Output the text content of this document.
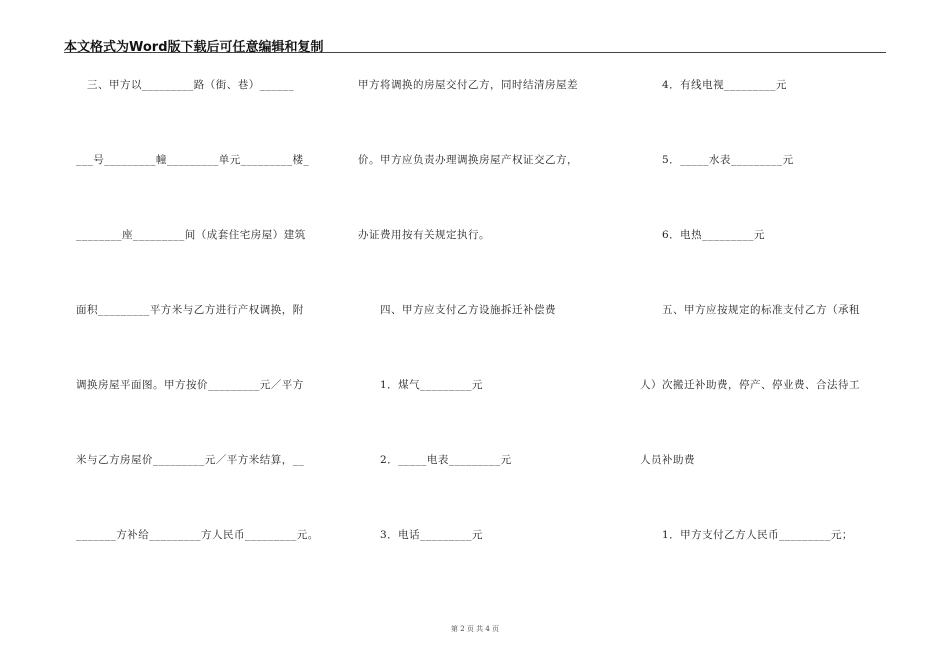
本文格式为Word版下载后可任意编辑和复制
　三、甲方以_________路（街、巷）______
___号_________幢_________单元_________楼_
________座_________间（成套住宅房屋）建筑
面积_________平方米与乙方进行产权调换，附
调换房屋平面图。甲方按价_________元／平方
米与乙方房屋价_________元／平方米结算，__
_______方补给_________方人民币_________元。
甲方将调换的房屋交付乙方，同时结清房屋差
价。甲方应负责办理调换房屋产权证交乙方，
办证费用按有关规定执行。
　　四、甲方应支付乙方设施拆迁补偿费
　　1．煤气_________元
　　2．_____电表_________元
　　3．电话_________元
　　4．有线电视_________元
　　5．_____水表_________元
　　6．电热_________元
　　五、甲方应按规定的标准支付乙方（承租
人）次搬迁补助费，停产、停业费、合法待工
人员补助费
　　1．甲方支付乙方人民币_________元；
第 2 页 共 4 页
